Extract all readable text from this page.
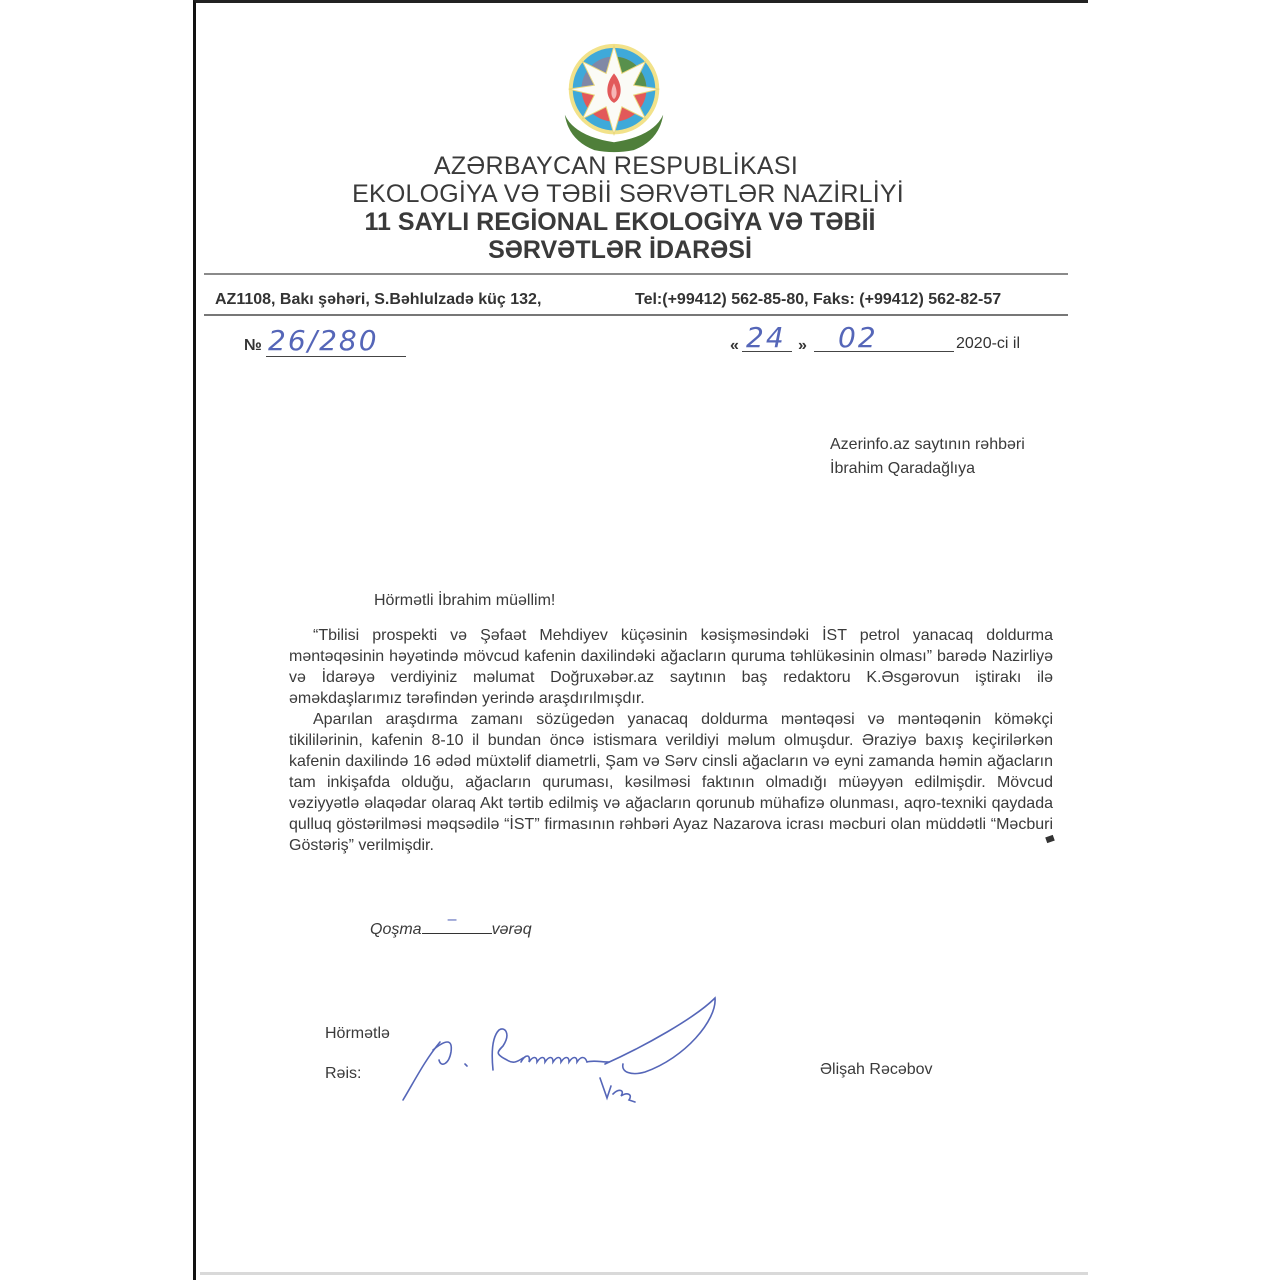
AZƏRBAYCAN RESPUBLİKASI
EKOLOGİYA VƏ TƏBİİ SƏRVƏTLƏR NAZİRLİYİ
11 SAYLI REGİONAL EKOLOGİYA VƏ TƏBİİ
SƏRVƏTLƏR İDARƏSİ
AZ1108, Bakı şəhəri, S.Bəhlulzadə küç 132,	Tel:(+99412) 562-85-80, Faks: (+99412) 562-82-57
№ 26/280	« 24 » 02	2020-ci il
Azerinfo.az saytının rəhbəri
İbrahim Qaradağlıya
Hörmətli İbrahim müəllim!

“Tbilisi prospekti və Şəfaət Mehdiyev küçəsinin kəsişməsindəki İST petrol yanacaq doldurma məntəqəsinin həyətində mövcud kafenin daxilindəki ağacların quruma təhlükəsinin olması” barədə Nazirliyə və İdarəyə verdiyiniz məlumat Doğruxəbər.az saytının baş redaktoru K.Əsgərovun iştirakı ilə əməkdaşlarımız tərəfindən yerində araşdırılmışdır.

Aparılan araşdırma zamanı sözügedən yanacaq doldurma məntəqəsi və məntəqənin köməkçi tikililərinin, kafenin 8-10 il bundan öncə istismara verildiyi məlum olmuşdur. Əraziyə baxış keçirilərkən kafenin daxilində 16 ədəd müxtəlif diametrli, Şam və Sərv cinsli ağacların və eyni zamanda həmin ağacların tam inkişafda olduğu, ağacların quruması, kəsilməsi faktının olmadığı müəyyən edilmişdir. Mövcud vəziyyətlə əlaqədar olaraq Akt tərtib edilmiş və ağacların qorunub mühafizə olunması, aqro-texniki qaydada qulluq göstərilməsi məqsədilə “İST” firmasının rəhbəri Ayaz Nazarova icrası məcburi olan müddətli “Məcburi Göstəriş” verilmişdir.

Qoşma
–
vərəq
Hörmətlə
Rəis:	Əlişah Rəcəbov
